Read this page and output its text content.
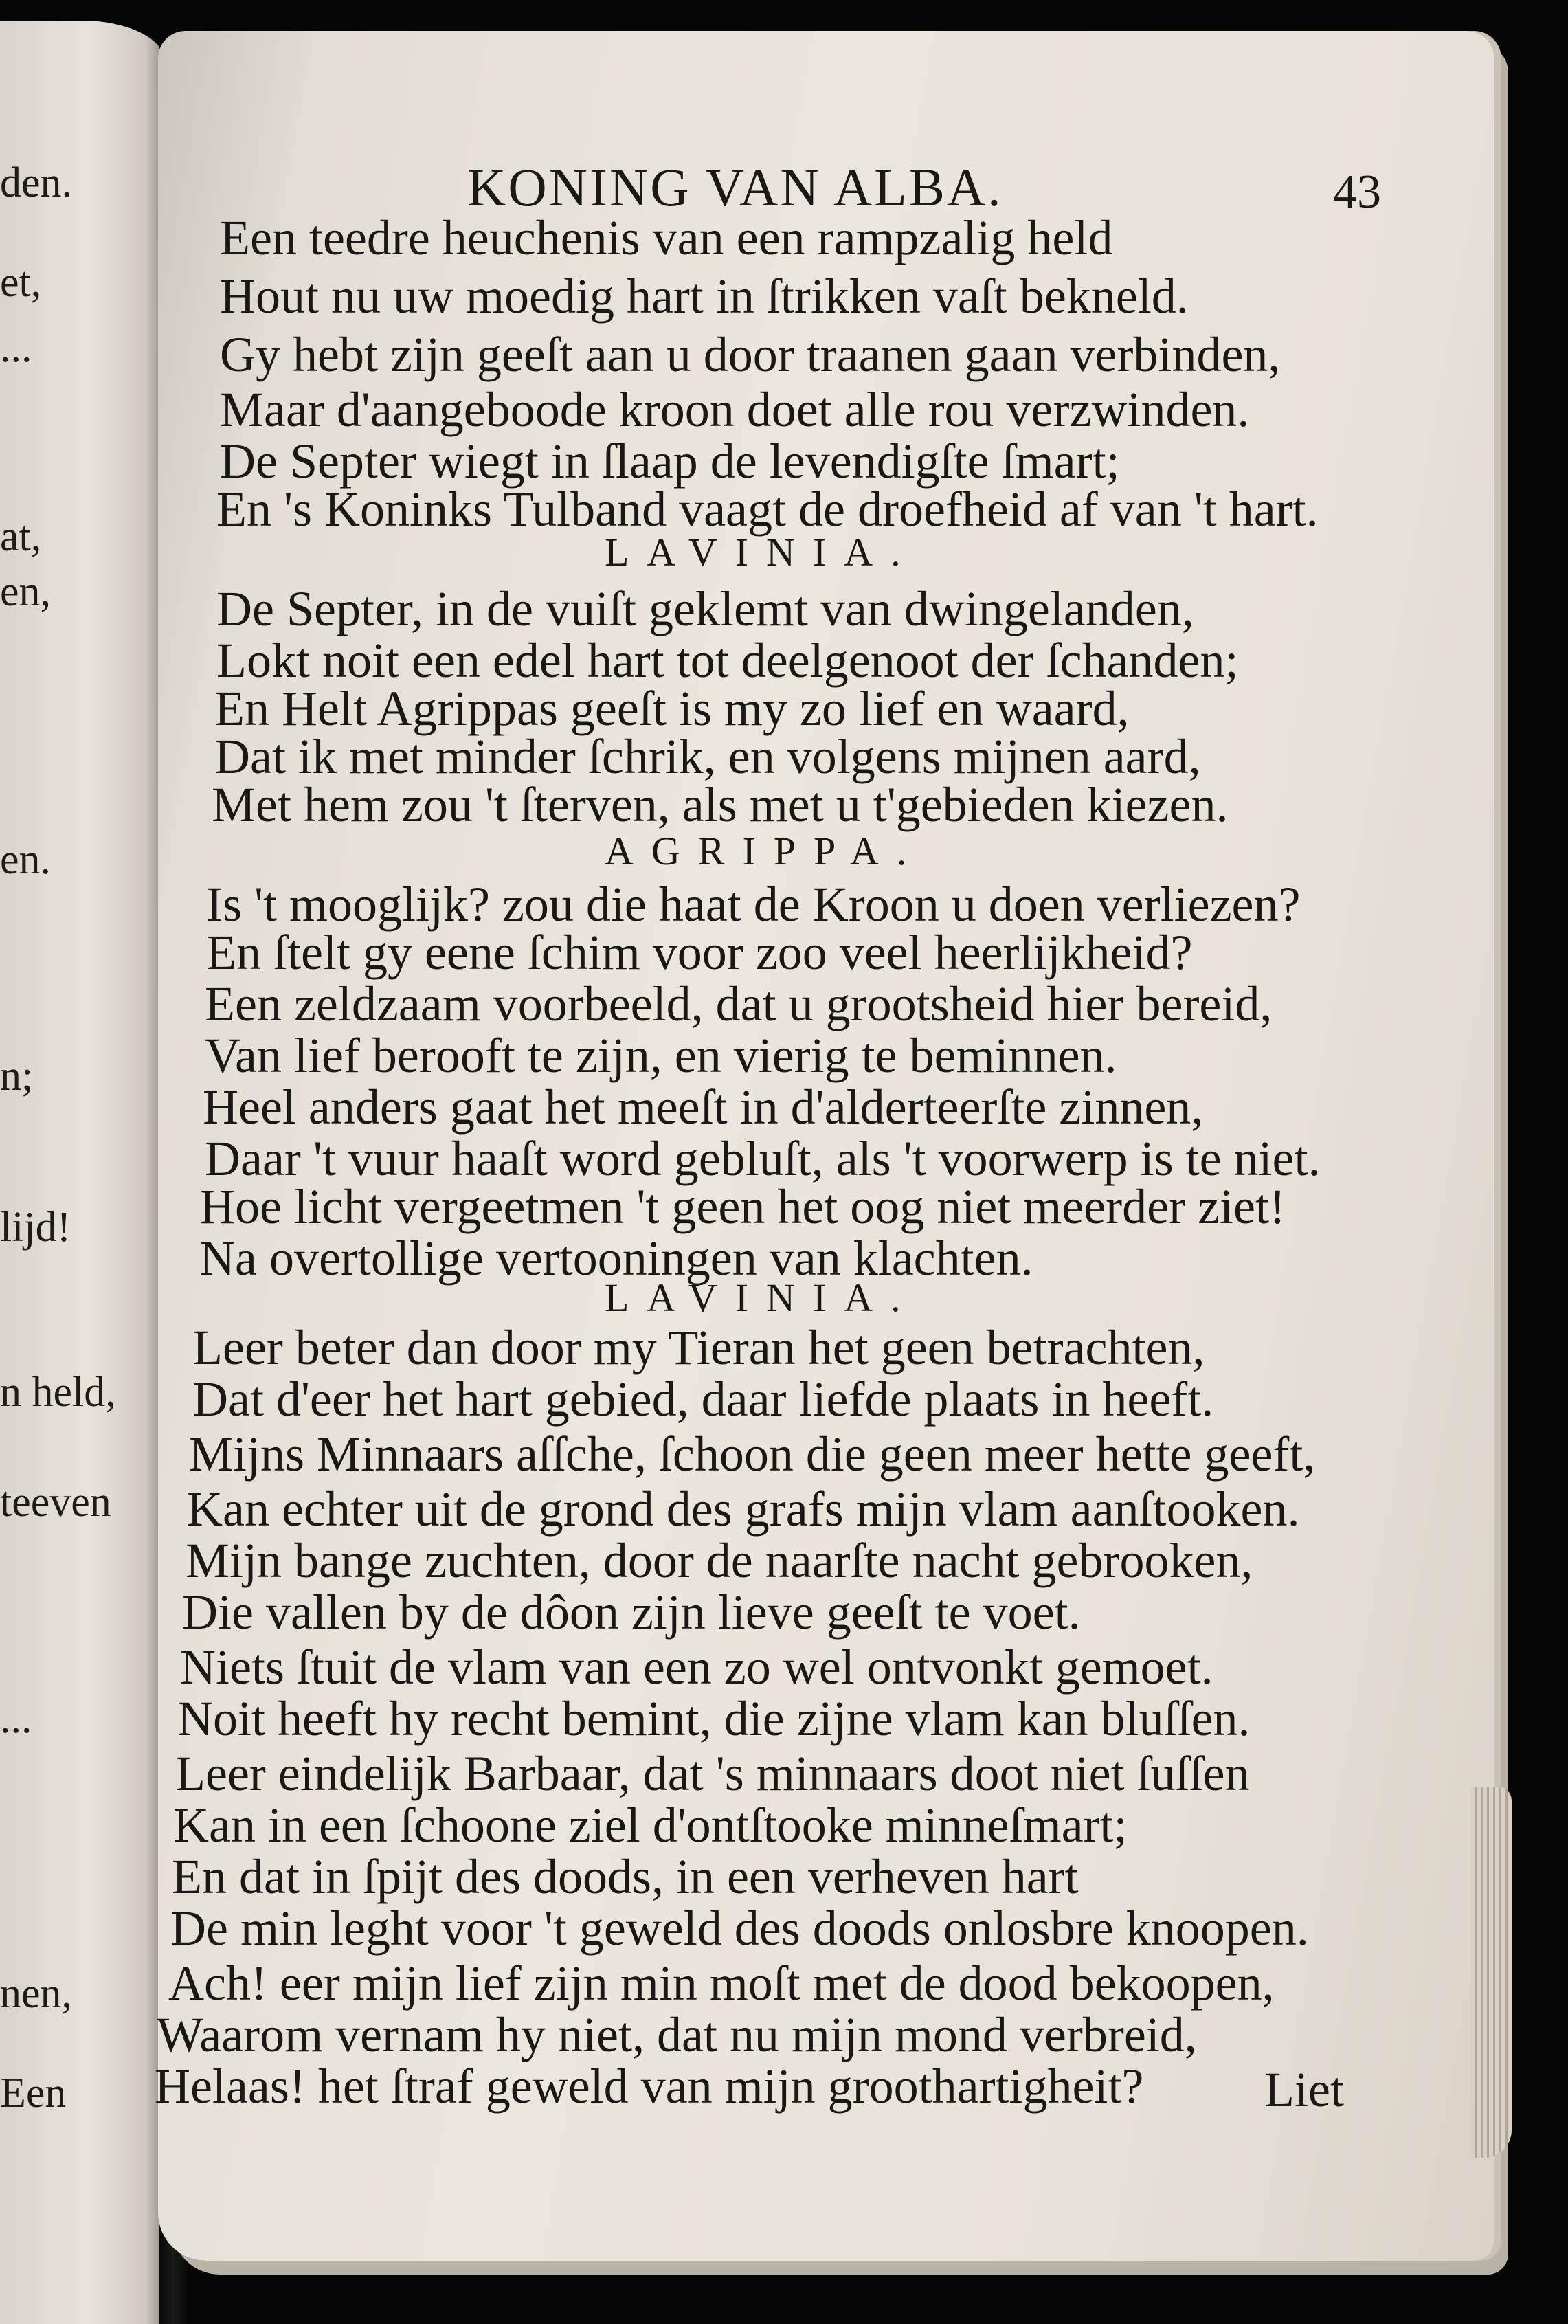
den.
et,
...
at,
en,
en.
n;
lijd!
n held,
teeven
...
nen,
Een
KONING VAN ALBA.	43
Een teedre heuchenis van een rampzalig held
Hout nu uw moedig hart in ſtrikken vaſt bekneld.
Gy hebt zijn geeſt aan u door traanen gaan verbinden,
Maar d'aangeboode kroon doet alle rou verzwinden.
De Septer wiegt in ſlaap de levendigſte ſmart;
En 's Koninks Tulband vaagt de droefheid af van 't hart.
LAVINIA.
De Septer, in de vuiſt geklemt van dwingelanden,
Lokt noit een edel hart tot deelgenoot der ſchanden;
En Helt Agrippas geeſt is my zo lief en waard,
Dat ik met minder ſchrik, en volgens mijnen aard,
Met hem zou 't ſterven, als met u t'gebieden kiezen.
AGRIPPA.
Is 't mooglijk? zou die haat de Kroon u doen verliezen?
En ſtelt gy eene ſchim voor zoo veel heerlijkheid?
Een zeldzaam voorbeeld, dat u grootsheid hier bereid,
Van lief berooft te zijn, en vierig te beminnen.
Heel anders gaat het meeſt in d'alderteerſte zinnen,
Daar 't vuur haaſt word gebluſt, als 't voorwerp is te niet.
Hoe licht vergeetmen 't geen het oog niet meerder ziet!
Na overtollige vertooningen van klachten.
LAVINIA.
Leer beter dan door my Tieran het geen betrachten,
Dat d'eer het hart gebied, daar liefde plaats in heeft.
Mijns Minnaars aſſche, ſchoon die geen meer hette geeft,
Kan echter uit de grond des grafs mijn vlam aanſtooken.
Mijn bange zuchten, door de naarſte nacht gebrooken,
Die vallen by de dôon zijn lieve geeſt te voet.
Niets ſtuit de vlam van een zo wel ontvonkt gemoet.
Noit heeft hy recht bemint, die zijne vlam kan bluſſen.
Leer eindelijk Barbaar, dat 's minnaars doot niet ſuſſen
Kan in een ſchoone ziel d'ontſtooke minneſmart;
En dat in ſpijt des doods, in een verheven hart
De min leght voor 't geweld des doods onlosbre knoopen.
Ach! eer mijn lief zijn min moſt met de dood bekoopen,
Waarom vernam hy niet, dat nu mijn mond verbreid,
Helaas! het ſtraf geweld van mijn groothartigheit? Liet
